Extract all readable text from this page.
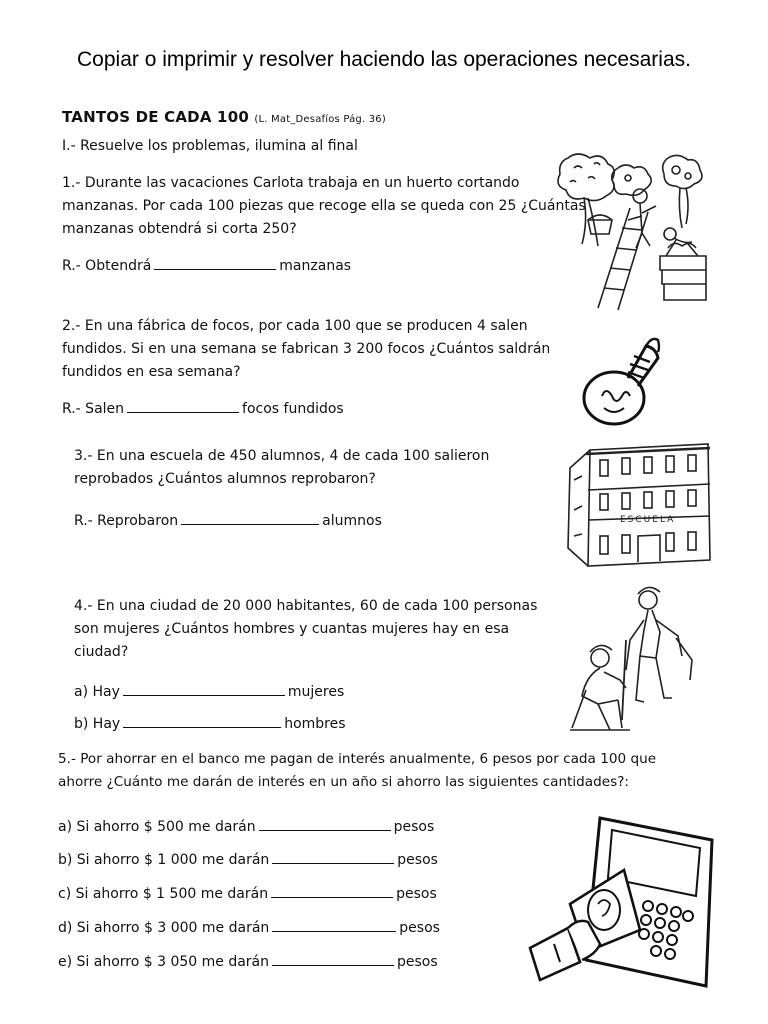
Copiar o imprimir y resolver haciendo las operaciones necesarias.
TANTOS DE CADA 100 (L. Mat_Desafíos Pág. 36)
I.- Resuelve los problemas, ilumina al final
1.- Durante las vacaciones Carlota trabaja en un huerto cortando
manzanas. Por cada 100 piezas que recoge ella se queda con 25 ¿Cuántas
manzanas obtendrá si corta 250?
R.- Obtendrá	manzanas
2.- En una fábrica de focos, por cada 100 que se producen 4 salen
fundidos. Si en una semana se fabrican 3 200 focos ¿Cuántos saldrán
fundidos en esa semana?
R.- Salen	focos fundidos
3.- En una escuela de 450 alumnos, 4 de cada 100 salieron
reprobados ¿Cuántos alumnos reprobaron?
R.- Reprobaron	alumnos
4.- En una ciudad de 20 000 habitantes, 60 de cada 100 personas
son mujeres ¿Cuántos hombres y cuantas mujeres hay en esa
ciudad?
a) Hay	mujeres
b) Hay	hombres
5.- Por ahorrar en el banco me pagan de interés anualmente, 6 pesos por cada 100 que
ahorre ¿Cuánto me darán de interés en un año si ahorro las siguientes cantidades?:
a) Si ahorro $ 500 me darán	pesos
b) Si ahorro $ 1 000 me darán	pesos
c) Si ahorro $ 1 500 me darán	pesos
d) Si ahorro $ 3 000 me darán	pesos
e) Si ahorro $ 3 050 me darán	pesos
ESCUELA
